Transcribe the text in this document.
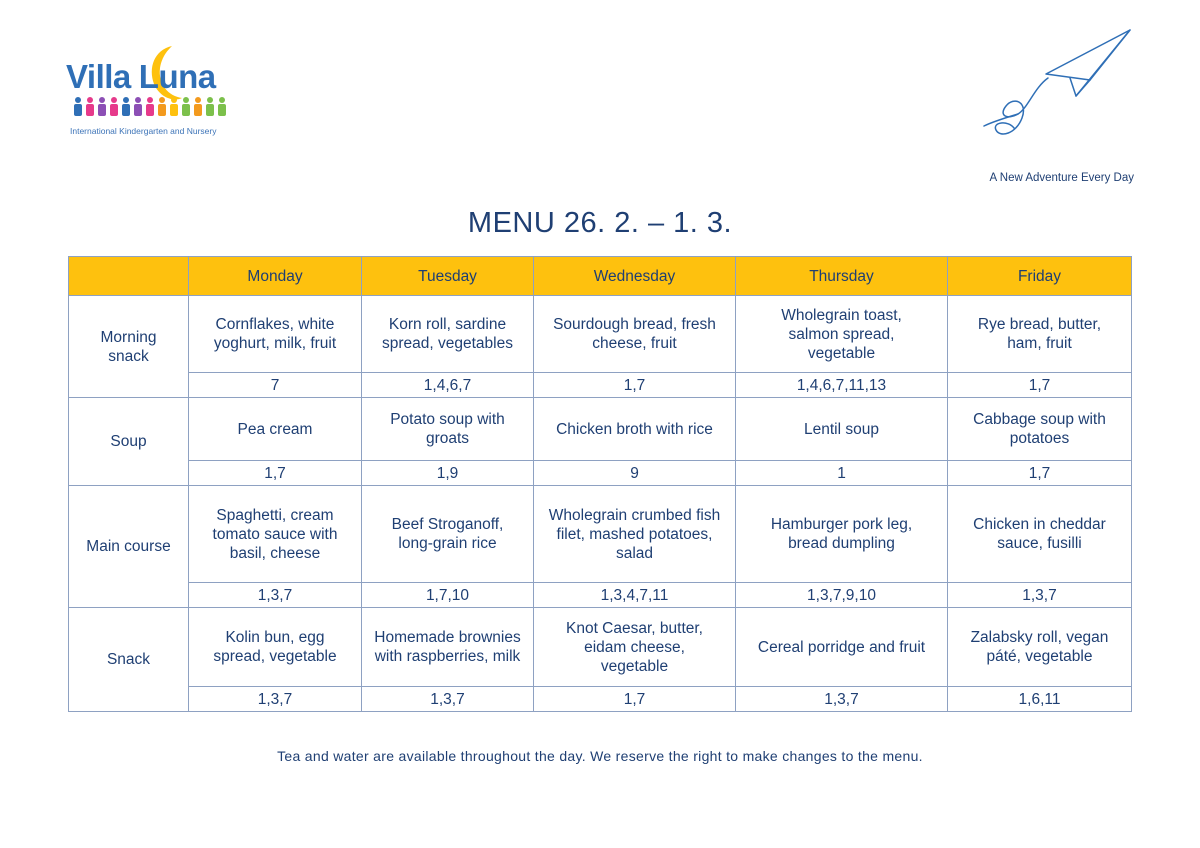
Villa Luna
International Kindergarten and Nursery
A New Adventure Every Day
MENU 26. 2. – 1. 3.
	Monday	Tuesday	Wednesday	Thursday	Friday
Morning snack	Cornflakes, white yoghurt, milk, fruit	Korn roll, sardine spread, vegetables	Sourdough bread, fresh cheese, fruit	Wholegrain toast, salmon spread, vegetable	Rye bread, butter, ham, fruit
	7	1,4,6,7	1,7	1,4,6,7,11,13	1,7
Soup	Pea cream	Potato soup with groats	Chicken broth with rice	Lentil soup	Cabbage soup with potatoes
	1,7	1,9	9	1	1,7
Main course	Spaghetti, cream tomato sauce with basil, cheese	Beef Stroganoff, long-grain rice	Wholegrain crumbed fish filet, mashed potatoes, salad	Hamburger pork leg, bread dumpling	Chicken in cheddar sauce, fusilli
	1,3,7	1,7,10	1,3,4,7,11	1,3,7,9,10	1,3,7
Snack	Kolin bun, egg spread, vegetable	Homemade brownies with raspberries, milk	Knot Caesar, butter, eidam cheese, vegetable	Cereal porridge and fruit	Zalabsky roll, vegan páté, vegetable
	1,3,7	1,3,7	1,7	1,3,7	1,6,11
Tea and water are available throughout the day. We reserve the right to make changes to the menu.
